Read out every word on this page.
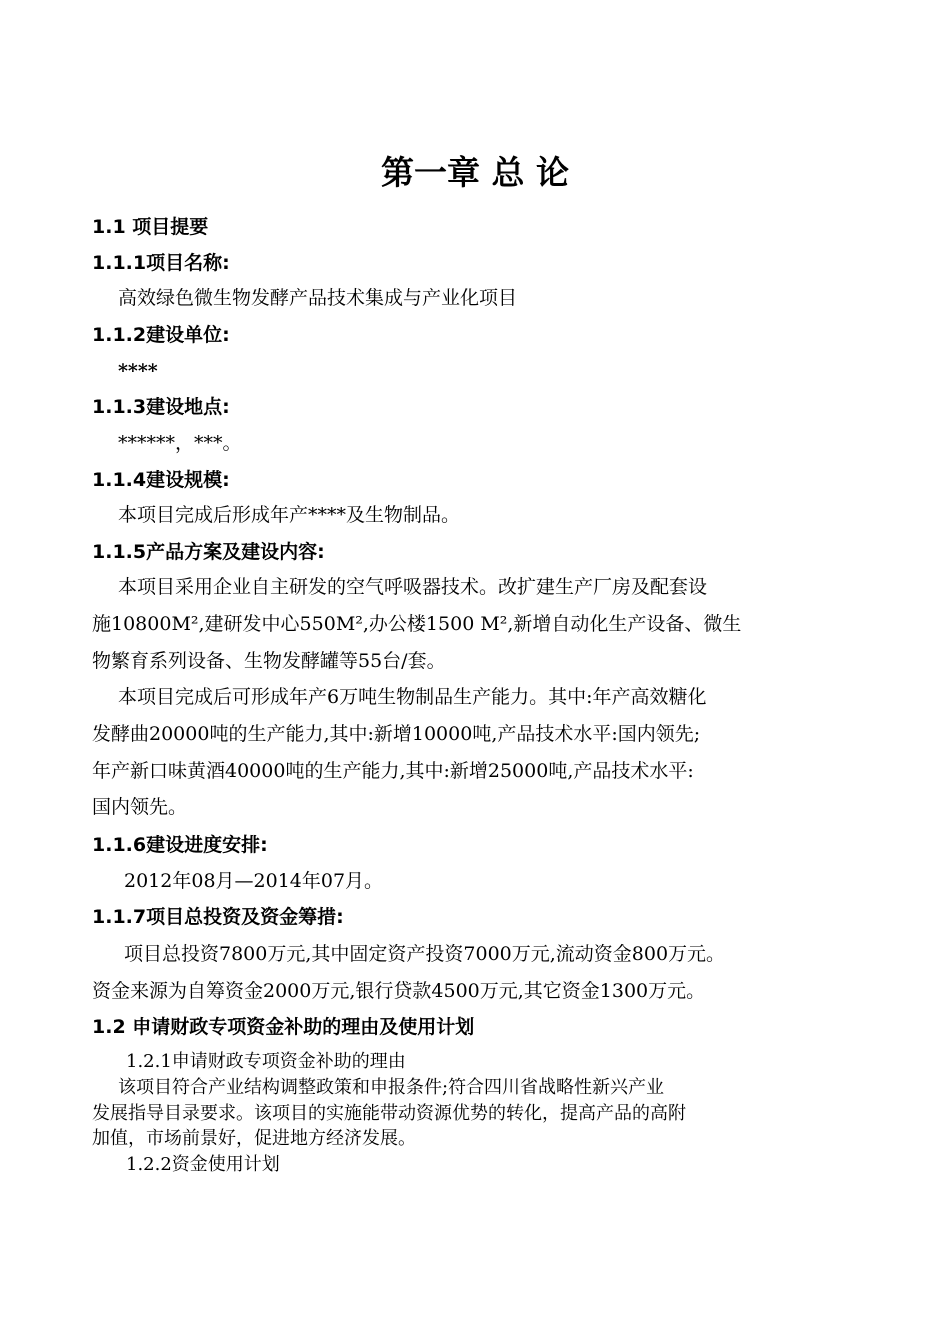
第一章 总 论
1.1 项目提要
1.1.1项目名称:
高效绿色微生物发酵产品技术集成与产业化项目
1.1.2建设单位:
****
1.1.3建设地点:
******，***。
1.1.4建设规模:
本项目完成后形成年产****及生物制品。
1.1.5产品方案及建设内容:
本项目采用企业自主研发的空气呼吸器技术。改扩建生产厂房及配套设
施10800M²,建研发中心550M²,办公楼1500 M²,新增自动化生产设备、微生
物繁育系列设备、生物发酵罐等55台/套。
本项目完成后可形成年产6万吨生物制品生产能力。其中:年产高效糖化
发酵曲20000吨的生产能力,其中:新增10000吨,产品技术水平:国内领先;
年产新口味黄酒40000吨的生产能力,其中:新增25000吨,产品技术水平:
国内领先。
1.1.6建设进度安排:
2012年08月—2014年07月。
1.1.7项目总投资及资金筹措:
项目总投资7800万元,其中固定资产投资7000万元,流动资金800万元。
资金来源为自筹资金2000万元,银行贷款4500万元,其它资金1300万元。
1.2 申请财政专项资金补助的理由及使用计划
1.2.1申请财政专项资金补助的理由
该项目符合产业结构调整政策和申报条件;符合四川省战略性新兴产业
发展指导目录要求。该项目的实施能带动资源优势的转化，提高产品的高附
加值，市场前景好，促进地方经济发展。
1.2.2资金使用计划
